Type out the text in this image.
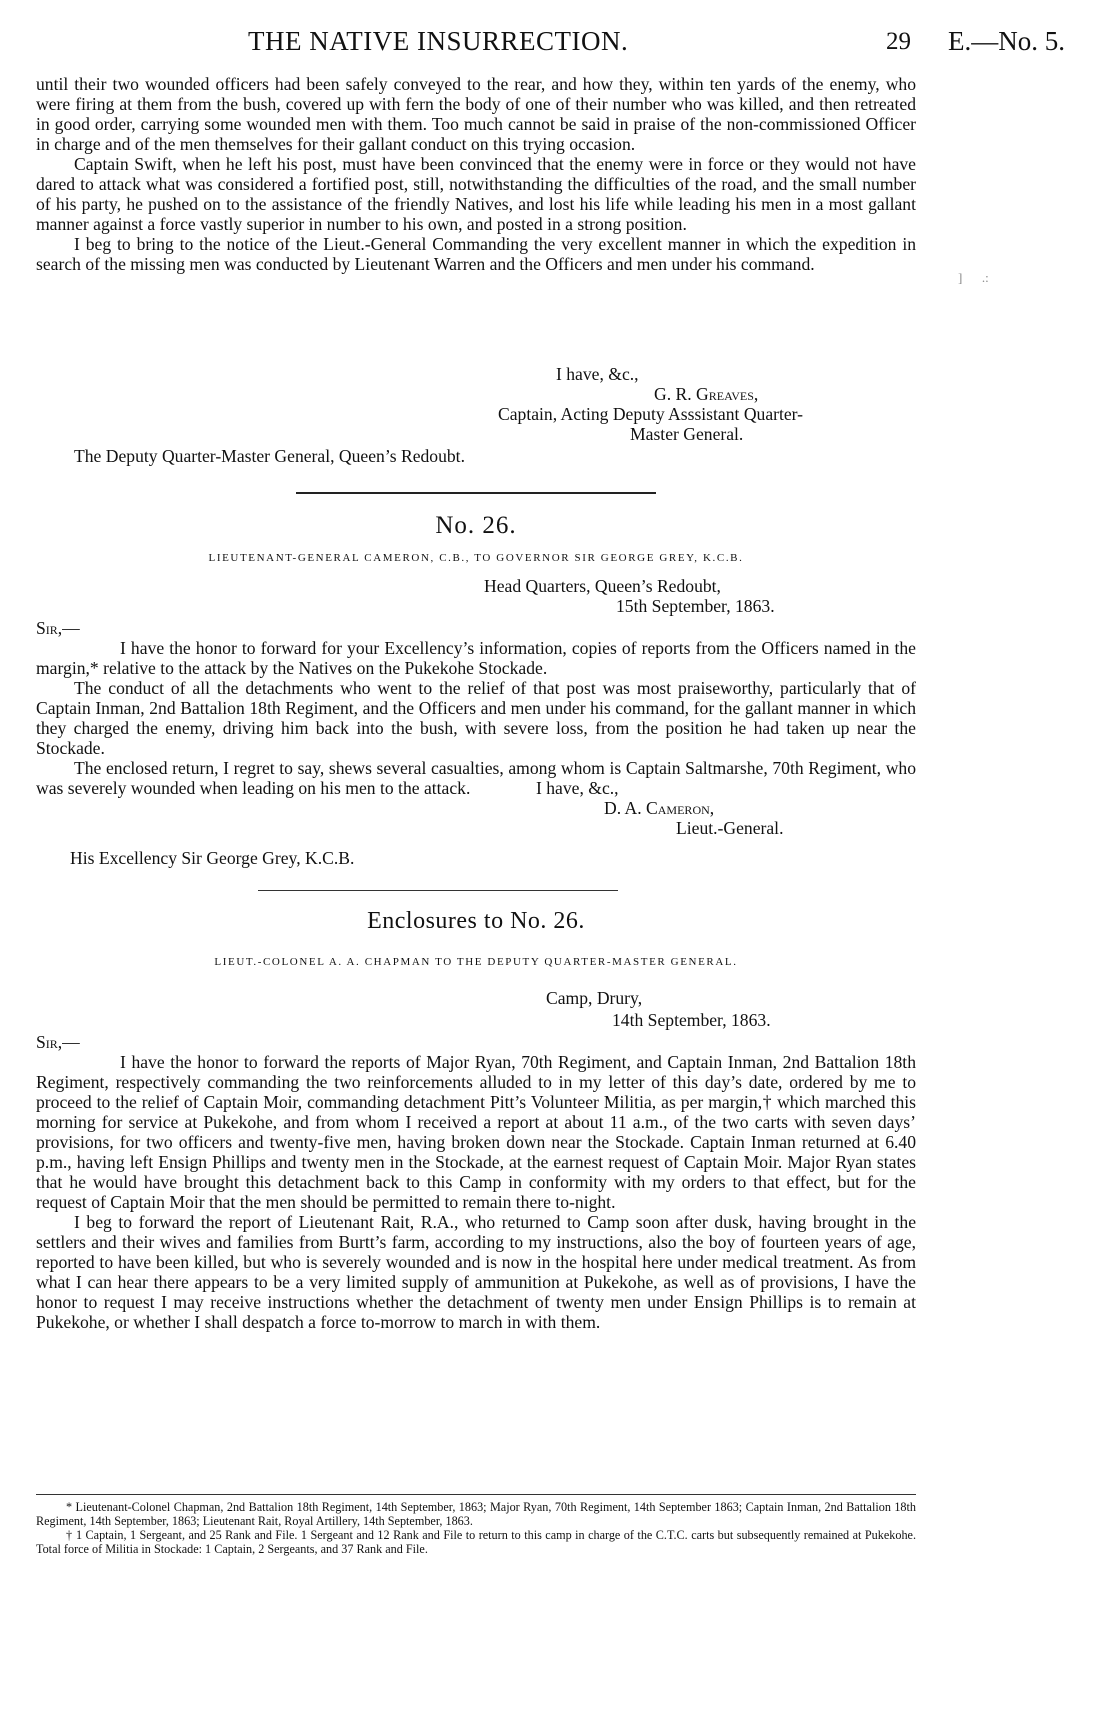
THE NATIVE INSURRECTION.	29 E.—No. 5.

until their two wounded officers had been safely conveyed to the rear, and how they, within ten yards of the enemy, who were firing at them from the bush, covered up with fern the body of one of their number who was killed, and then retreated in good order, carrying some wounded men with them. Too much cannot be said in praise of the non-commissioned Officer in charge and of the men themselves for their gallant conduct on this trying occasion.

Captain Swift, when he left his post, must have been convinced that the enemy were in force or they would not have dared to attack what was considered a fortified post, still, notwithstanding the difficulties of the road, and the small number of his party, he pushed on to the assistance of the friendly Natives, and lost his life while leading his men in a most gallant manner against a force vastly superior in number to his own, and posted in a strong position.

I beg to bring to the notice of the Lieut.-General Commanding the very excellent manner in which the expedition in search of the missing men was conducted by Lieutenant Warren and the Officers and men under his command.

]      .:
I have, &c.,
G. R. Greaves,
Captain, Acting Deputy Asssistant Quarter-
Master General.
The Deputy Quarter-Master General, Queen’s Redoubt.
No. 26.
LIEUTENANT-GENERAL CAMERON, C.B., TO GOVERNOR SIR GEORGE GREY, K.C.B.
Head Quarters, Queen’s Redoubt,
15th September, 1863.
Sir,—

I have the honor to forward for your Excellency’s information, copies of reports from the Officers named in the margin,* relative to the attack by the Natives on the Pukekohe Stockade.

The conduct of all the detachments who went to the relief of that post was most praiseworthy, particularly that of Captain Inman, 2nd Battalion 18th Regiment, and the Officers and men under his command, for the gallant manner in which they charged the enemy, driving him back into the bush, with severe loss, from the position he had taken up near the Stockade.

The enclosed return, I regret to say, shews several casualties, among whom is Captain Saltmarshe, 70th Regiment, who was severely wounded when leading on his men to the attack.	I have, &c.,
D. A. Cameron,
Lieut.-General.
His Excellency Sir George Grey, K.C.B.
Enclosures to No. 26.
LIEUT.-COLONEL A. A. CHAPMAN TO THE DEPUTY QUARTER-MASTER GENERAL.
Camp, Drury,
14th September, 1863.
Sir,—

I have the honor to forward the reports of Major Ryan, 70th Regiment, and Captain Inman, 2nd Battalion 18th Regiment, respectively commanding the two reinforcements alluded to in my letter of this day’s date, ordered by me to proceed to the relief of Captain Moir, commanding detachment Pitt’s Volunteer Militia, as per margin,† which marched this morning for service at Pukekohe, and from whom I received a report at about 11 a.m., of the two carts with seven days’ provisions, for two officers and twenty-five men, having broken down near the Stockade. Captain Inman returned at 6.40 p.m., having left Ensign Phillips and twenty men in the Stockade, at the earnest request of Captain Moir. Major Ryan states that he would have brought this detachment back to this Camp in conformity with my orders to that effect, but for the request of Captain Moir that the men should be permitted to remain there to-night.

I beg to forward the report of Lieutenant Rait, R.A., who returned to Camp soon after dusk, having brought in the settlers and their wives and families from Burtt’s farm, according to my instructions, also the boy of fourteen years of age, reported to have been killed, but who is severely wounded and is now in the hospital here under medical treatment. As from what I can hear there appears to be a very limited supply of ammunition at Pukekohe, as well as of provisions, I have the honor to request I may receive instructions whether the detachment of twenty men under Ensign Phillips is to remain at Pukekohe, or whether I shall despatch a force to-morrow to march in with them.

* Lieutenant-Colonel Chapman, 2nd Battalion 18th Regiment, 14th September, 1863; Major Ryan, 70th Regiment, 14th September 1863; Captain Inman, 2nd Battalion 18th Regiment, 14th September, 1863; Lieutenant Rait, Royal Artillery, 14th September, 1863.

† 1 Captain, 1 Sergeant, and 25 Rank and File. 1 Sergeant and 12 Rank and File to return to this camp in charge of the C.T.C. carts but subsequently remained at Pukekohe. Total force of Militia in Stockade: 1 Captain, 2 Sergeants, and 37 Rank and File.
